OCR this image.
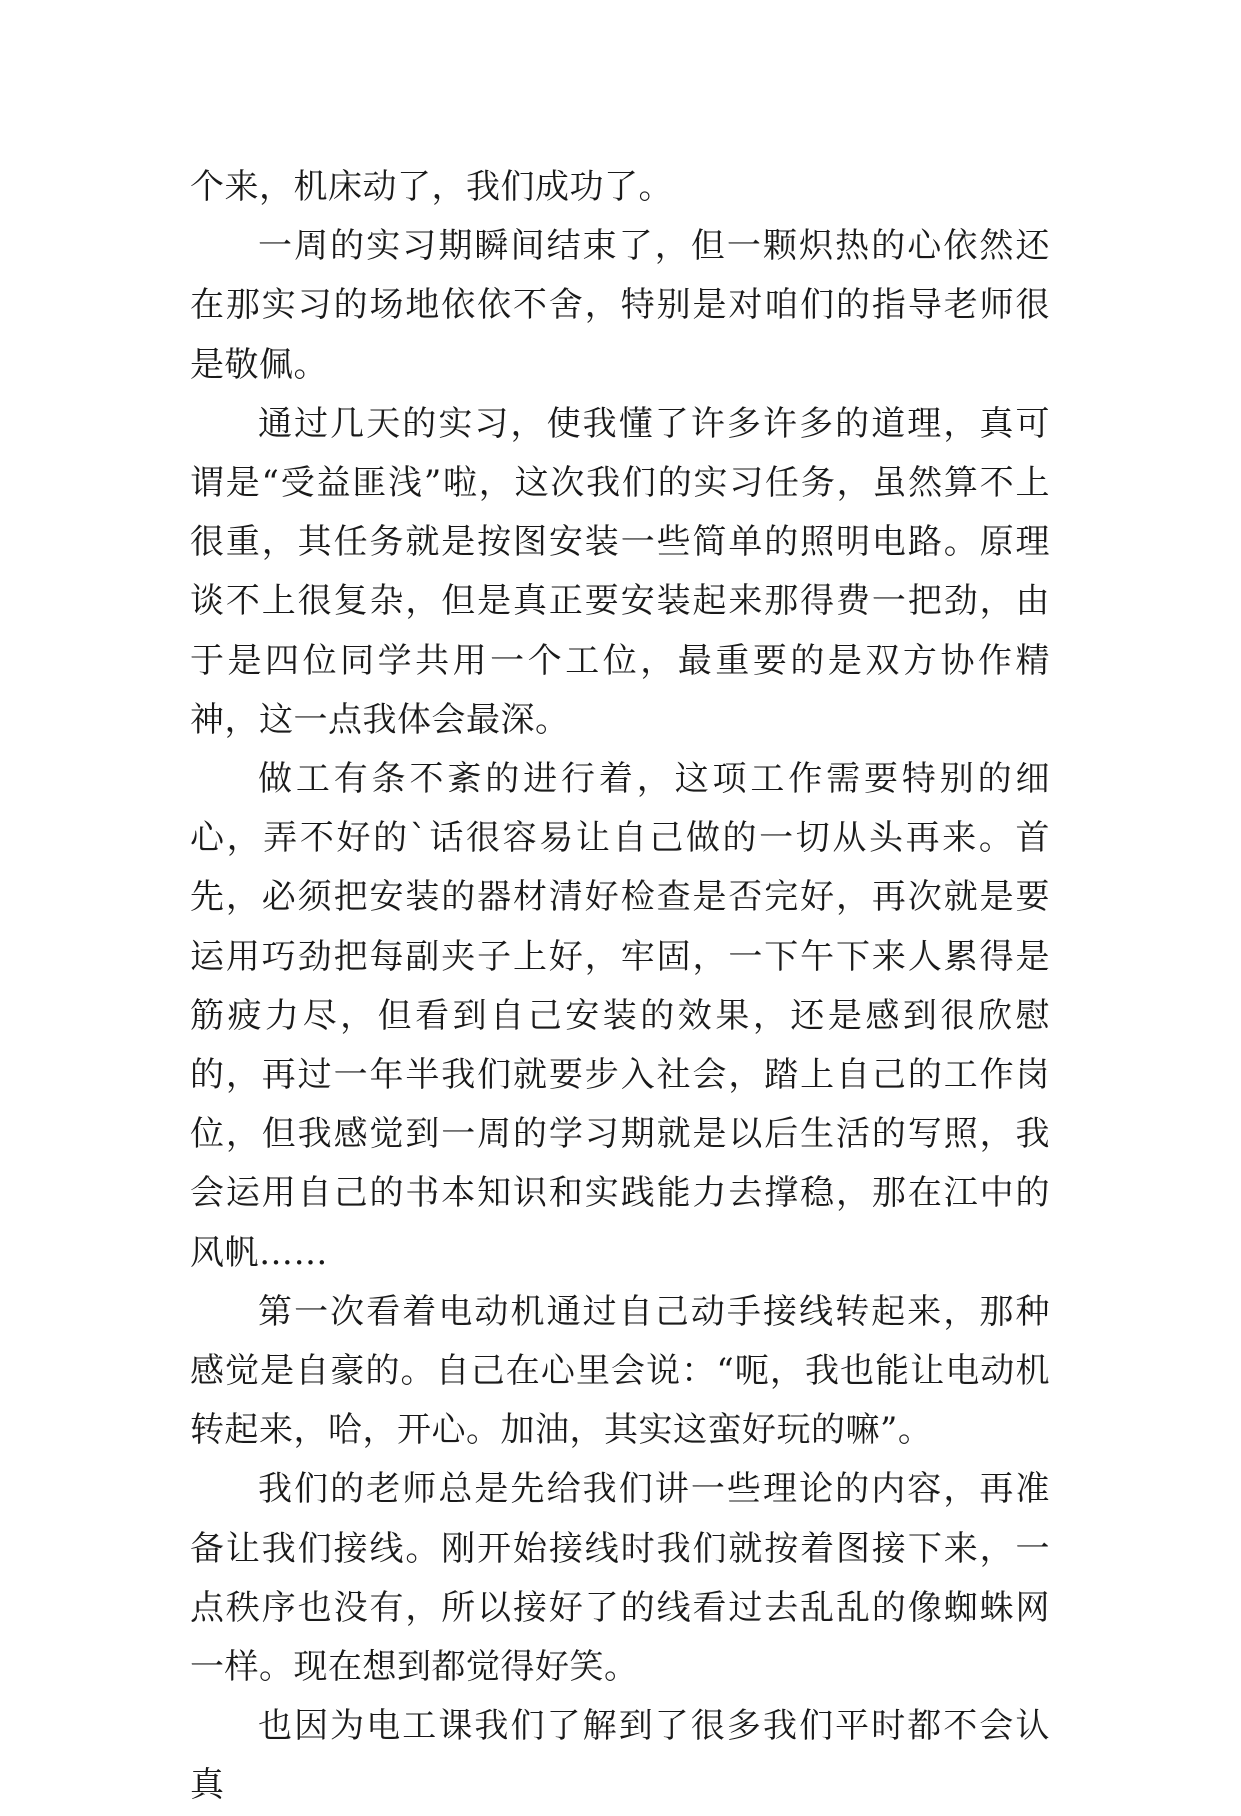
个来，机床动了，我们成功了。

一周的实习期瞬间结束了，但一颗炽热的心依然还在那实习的场地依依不舍，特别是对咱们的指导老师很是敬佩。

通过几天的实习，使我懂了许多许多的道理，真可谓是“受益匪浅”啦，这次我们的实习任务，虽然算不上很重，其任务就是按图安装一些简单的照明电路。原理谈不上很复杂，但是真正要安装起来那得费一把劲，由于是四位同学共用一个工位，最重要的是双方协作精神，这一点我体会最深。

做工有条不紊的进行着，这项工作需要特别的细心，弄不好的`话很容易让自己做的一切从头再来。首先，必须把安装的器材清好检查是否完好，再次就是要运用巧劲把每副夹子上好，牢固，一下午下来人累得是筋疲力尽，但看到自己安装的效果，还是感到很欣慰的，再过一年半我们就要步入社会，踏上自己的工作岗位，但我感觉到一周的学习期就是以后生活的写照，我会运用自己的书本知识和实践能力去撑稳，那在江中的风帆……

第一次看着电动机通过自己动手接线转起来，那种感觉是自豪的。自己在心里会说：“呃，我也能让电动机转起来，哈，开心。加油，其实这蛮好玩的嘛”。

我们的老师总是先给我们讲一些理论的内容，再准备让我们接线。刚开始接线时我们就按着图接下来，一点秩序也没有，所以接好了的线看过去乱乱的像蜘蛛网一样。现在想到都觉得好笑。

也因为电工课我们了解到了很多我们平时都不会认真
